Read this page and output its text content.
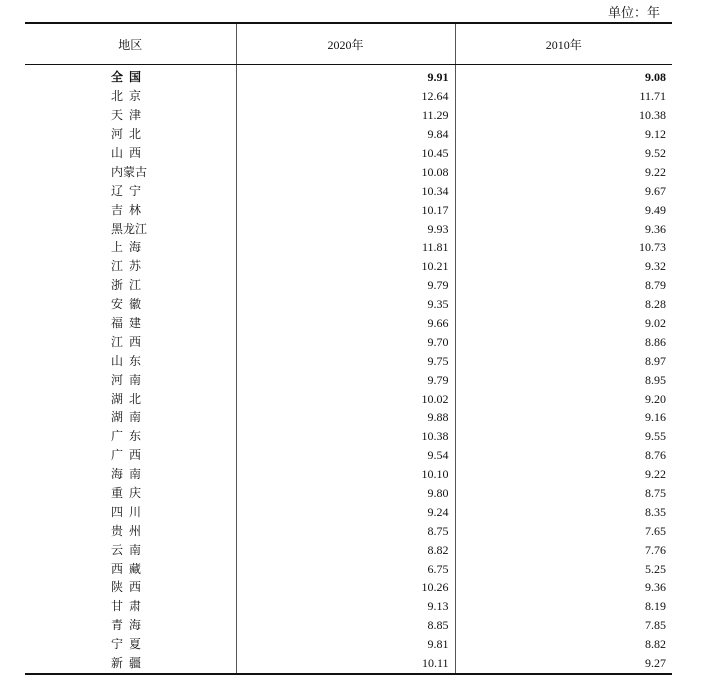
单位：年
地区	2020年	2010年
全  国	9.91	9.08
北  京	12.64	11.71
天  津	11.29	10.38
河  北	9.84	9.12
山  西	10.45	9.52
内蒙古	10.08	9.22
辽  宁	10.34	9.67
吉  林	10.17	9.49
黑龙江	9.93	9.36
上  海	11.81	10.73
江  苏	10.21	9.32
浙  江	9.79	8.79
安  徽	9.35	8.28
福  建	9.66	9.02
江  西	9.70	8.86
山  东	9.75	8.97
河  南	9.79	8.95
湖  北	10.02	9.20
湖  南	9.88	9.16
广  东	10.38	9.55
广  西	9.54	8.76
海  南	10.10	9.22
重  庆	9.80	8.75
四  川	9.24	8.35
贵  州	8.75	7.65
云  南	8.82	7.76
西  藏	6.75	5.25
陕  西	10.26	9.36
甘  肃	9.13	8.19
青  海	8.85	7.85
宁  夏	9.81	8.82
新  疆	10.11	9.27
